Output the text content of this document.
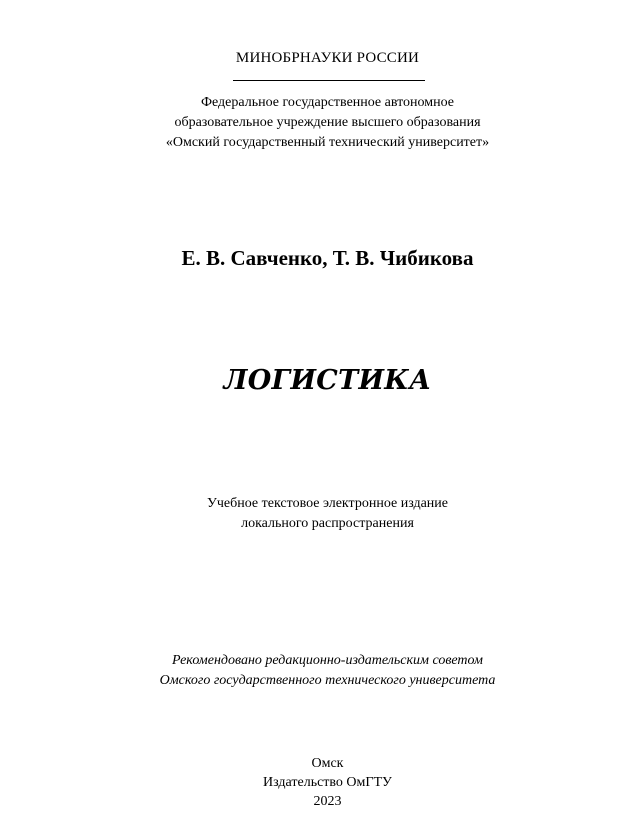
МИНОБРНАУКИ РОССИИ
Федеральное государственное автономное
образовательное учреждение высшего образования
«Омский государственный технический университет»
Е. В. Савченко, Т. В. Чибикова
ЛОГИСТИКА
Учебное текстовое электронное издание
локального распространения
Рекомендовано редакционно-издательским советом
Омского государственного технического университета
Омск
Издательство ОмГТУ
2023
